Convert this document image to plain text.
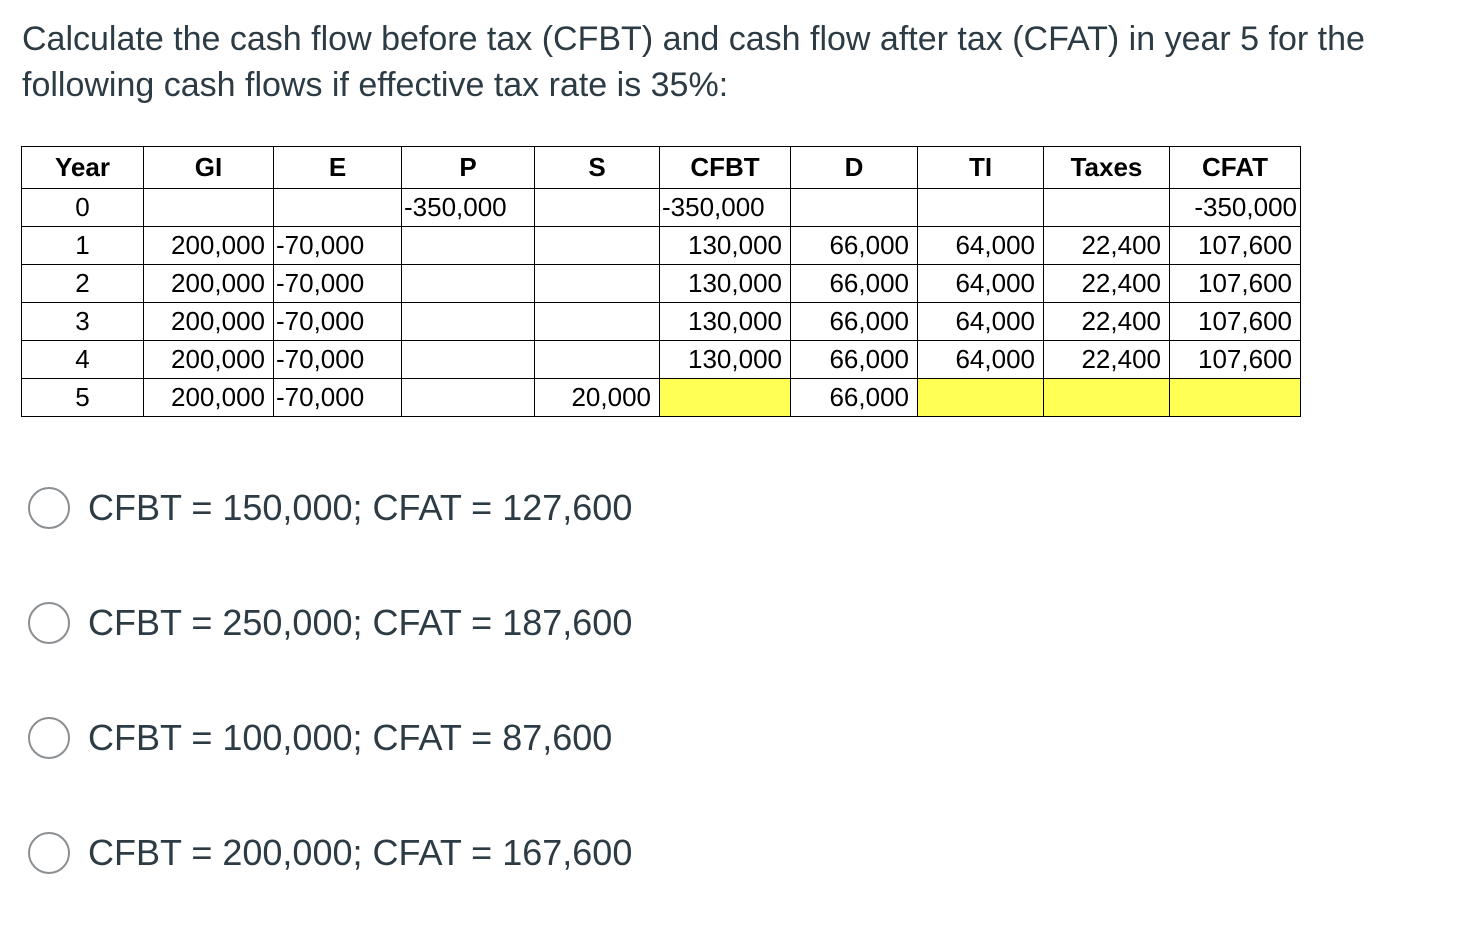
Calculate the cash flow before tax (CFBT) and cash flow after tax (CFAT) in year 5 for the following cash flows if effective tax rate is 35%:
Year	GI	E	P	S	CFBT	D	TI	Taxes	CFAT
0			-350,000		-350,000				-350,000
1	200,000	-70,000			130,000	66,000	64,000	22,400	107,600
2	200,000	-70,000			130,000	66,000	64,000	22,400	107,600
3	200,000	-70,000			130,000	66,000	64,000	22,400	107,600
4	200,000	-70,000			130,000	66,000	64,000	22,400	107,600
5	200,000	-70,000		20,000		66,000			
CFBT = 150,000; CFAT = 127,600
CFBT = 250,000; CFAT = 187,600
CFBT = 100,000; CFAT = 87,600
CFBT = 200,000; CFAT = 167,600
